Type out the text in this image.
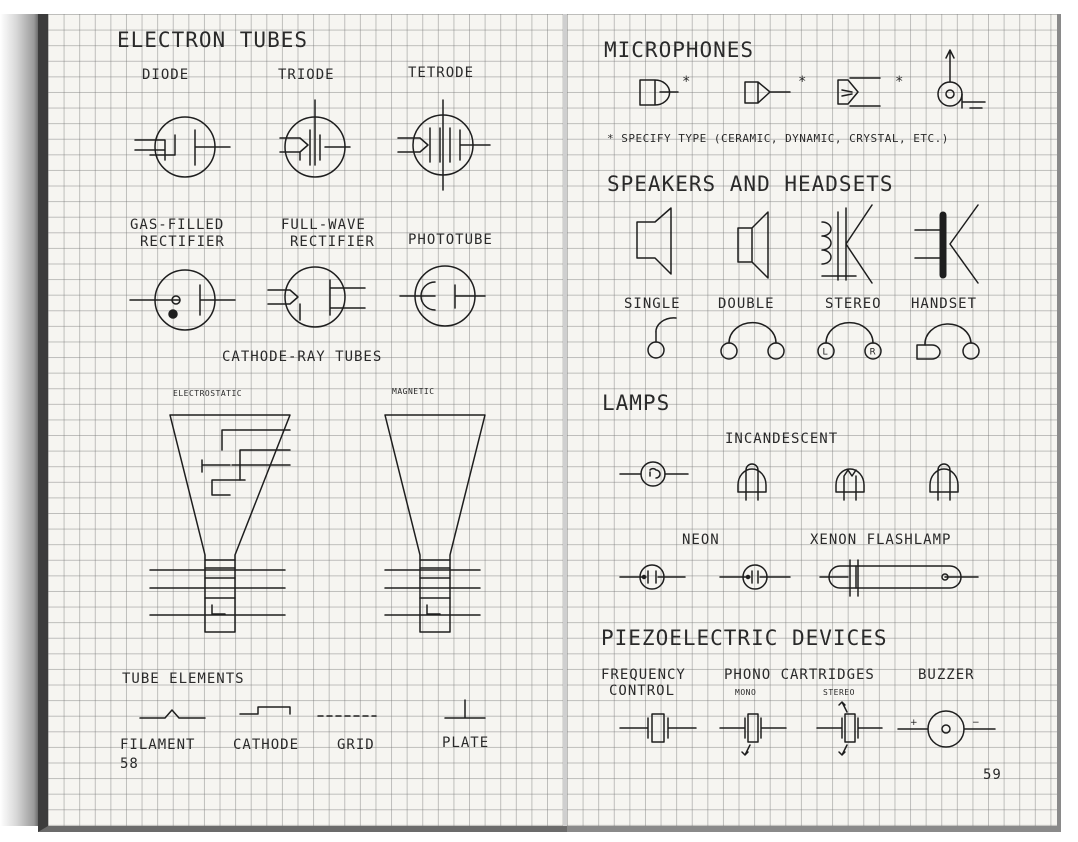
ELECTRON TUBES
DIODE	TRIODE	TETRODE
GAS-FILLED
RECTIFIER
FULL-WAVE
RECTIFIER PHOTOTUBE
CATHODE-RAY TUBES
ELECTROSTATIC	MAGNETIC
TUBE ELEMENTS
FILAMENT	CATHODE	GRID	PLATE
58
MICROPHONES
*	*	*
* SPECIFY TYPE (CERAMIC, DYNAMIC, CRYSTAL, ETC.)
SPEAKERS AND HEADSETS
SINGLE	DOUBLE	STEREO HANDSET
LAMPS
INCANDESCENT
NEON	XENON FLASHLAMP
PIEZOELECTRIC DEVICES
FREQUENCY
CONTROL
PHONO CARTRIDGES
MONO	STEREO
BUZZER
59
L	R
+	−
